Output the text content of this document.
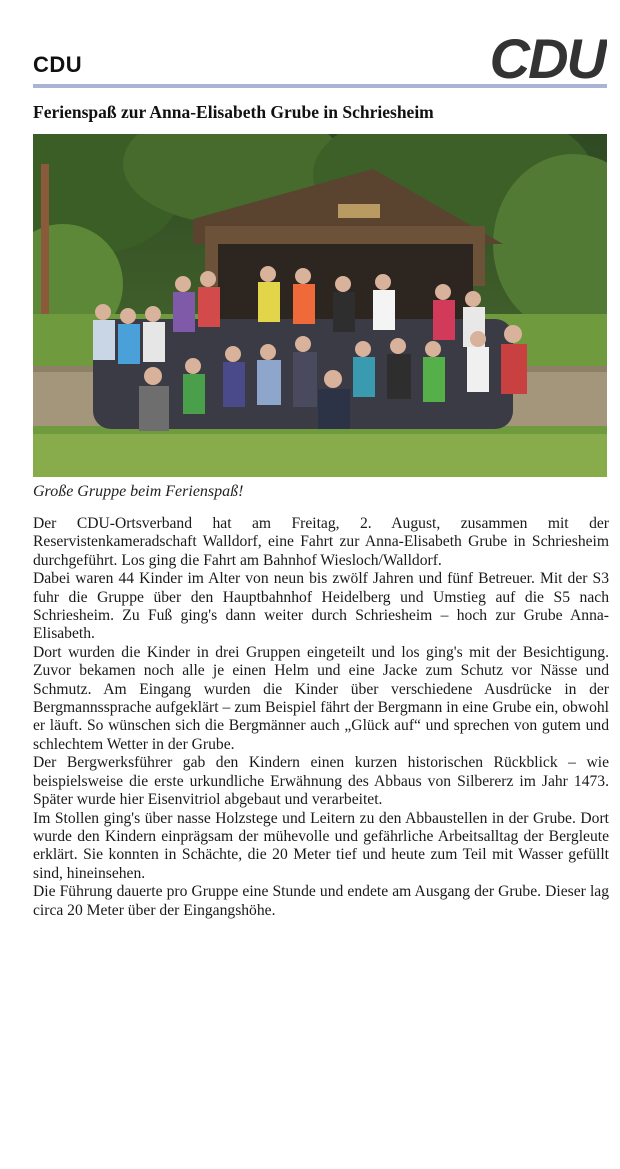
CDU	CDU
Ferienspaß zur Anna-Elisabeth Grube in Schriesheim
Große Gruppe beim Ferienspaß!

Der CDU-Ortsverband hat am Freitag, 2. August, zusammen mit der Reservistenkameradschaft Walldorf, eine Fahrt zur Anna-Elisabeth Grube in Schriesheim durchgeführt. Los ging die Fahrt am Bahnhof Wiesloch/Walldorf.

Dabei waren 44 Kinder im Alter von neun bis zwölf Jahren und fünf Betreuer. Mit der S3 fuhr die Gruppe über den Hauptbahnhof Heidelberg und Umstieg auf die S5 nach Schriesheim. Zu Fuß ging's dann weiter durch Schriesheim – hoch zur Grube Anna-Elisabeth.

Dort wurden die Kinder in drei Gruppen eingeteilt und los ging's mit der Besichtigung. Zuvor bekamen noch alle je einen Helm und eine Jacke zum Schutz vor Nässe und Schmutz. Am Eingang wurden die Kinder über verschiedene Ausdrücke in der Bergmannssprache aufgeklärt – zum Beispiel fährt der Bergmann in eine Grube ein, obwohl er läuft. So wünschen sich die Bergmänner auch „Glück auf“ und sprechen von gutem und schlechtem Wetter in der Grube.

Der Bergwerksführer gab den Kindern einen kurzen historischen Rückblick – wie beispielsweise die erste urkundliche Erwähnung des Abbaus von Silbererz im Jahr 1473. Später wurde hier Eisenvitriol abgebaut und verarbeitet.

Im Stollen ging's über nasse Holzstege und Leitern zu den Abbaustellen in der Grube. Dort wurde den Kindern einprägsam der mühevolle und gefährliche Arbeitsalltag der Bergleute erklärt. Sie konnten in Schächte, die 20 Meter tief und heute zum Teil mit Wasser gefüllt sind, hineinsehen.

Die Führung dauerte pro Gruppe eine Stunde und endete am Ausgang der Grube. Dieser lag circa 20 Meter über der Eingangshöhe.
